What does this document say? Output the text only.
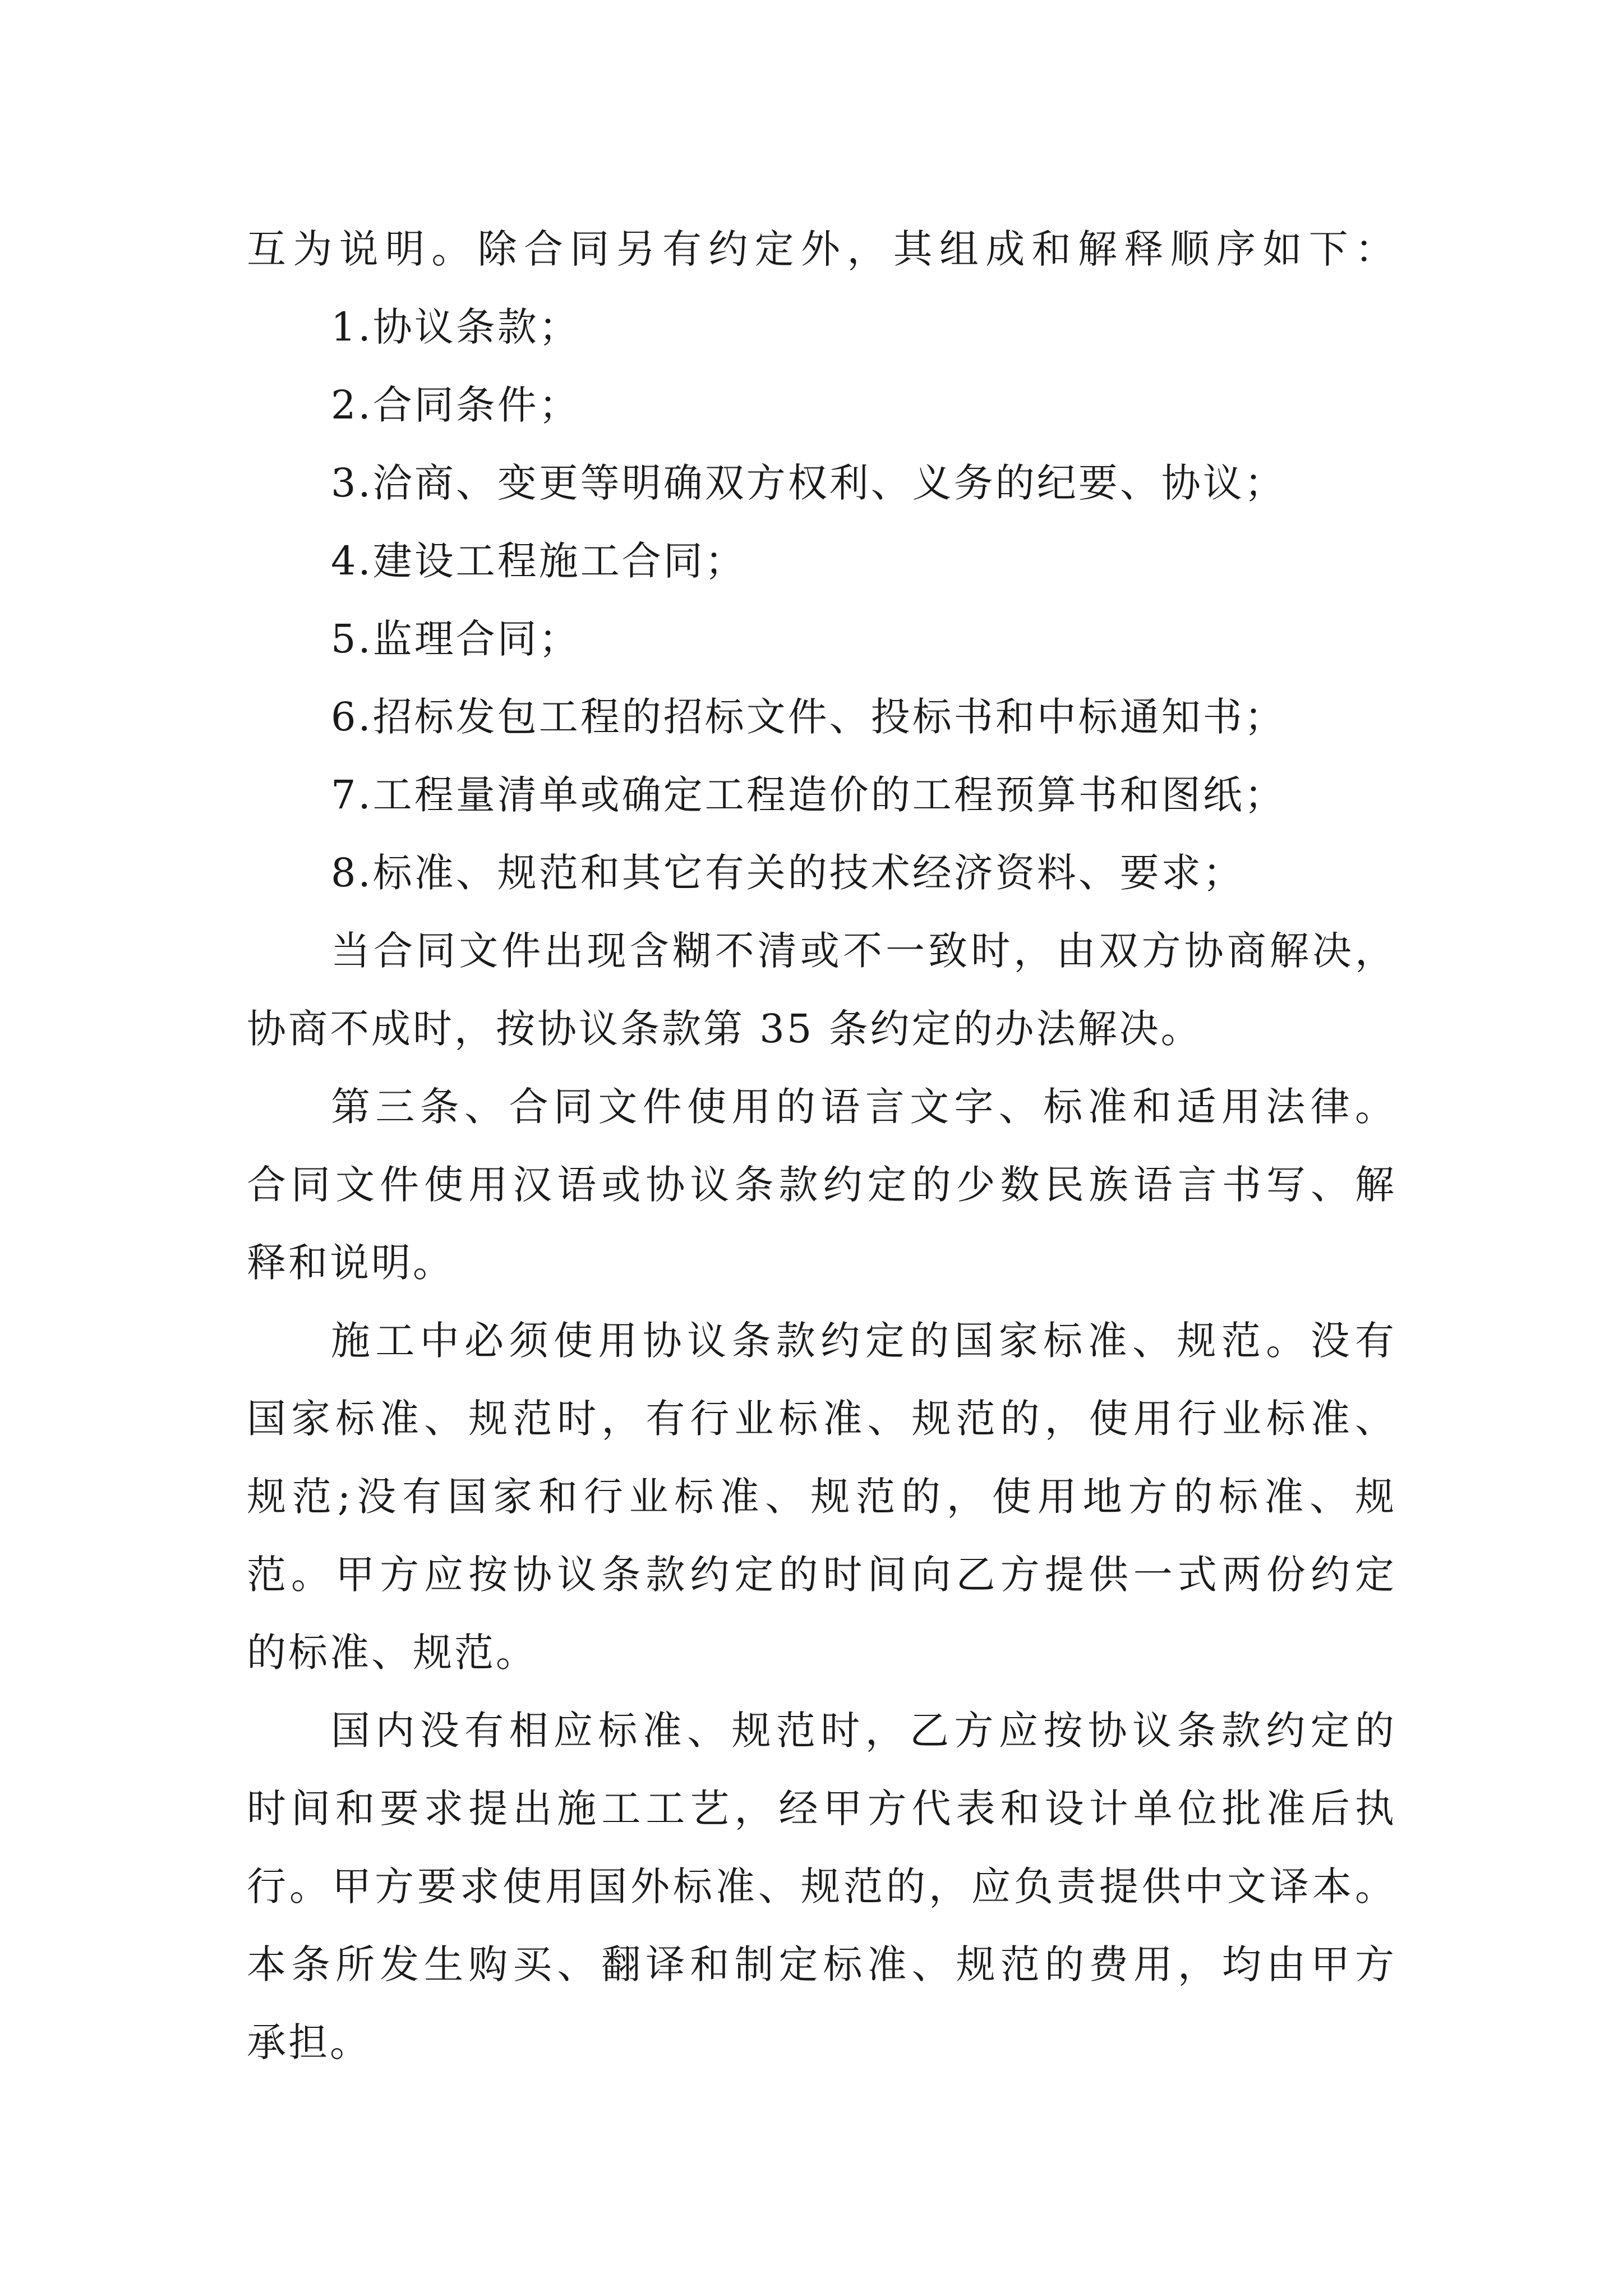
互为说明。除合同另有约定外，其组成和解释顺序如下：
1.协议条款；
2.合同条件；
3.洽商、变更等明确双方权利、义务的纪要、协议；
4.建设工程施工合同；
5.监理合同；
6.招标发包工程的招标文件、投标书和中标通知书；
7.工程量清单或确定工程造价的工程预算书和图纸；
8.标准、规范和其它有关的技术经济资料、要求；
当合同文件出现含糊不清或不一致时，由双方协商解决，
协商不成时，按协议条款第 35 条约定的办法解决。
第三条、合同文件使用的语言文字、标准和适用法律。
合同文件使用汉语或协议条款约定的少数民族语言书写、解
释和说明。
施工中必须使用协议条款约定的国家标准、规范。没有
国家标准、规范时，有行业标准、规范的，使用行业标准、
规范;没有国家和行业标准、规范的，使用地方的标准、规
范。甲方应按协议条款约定的时间向乙方提供一式两份约定
的标准、规范。
国内没有相应标准、规范时，乙方应按协议条款约定的
时间和要求提出施工工艺，经甲方代表和设计单位批准后执
行。甲方要求使用国外标准、规范的，应负责提供中文译本。
本条所发生购买、翻译和制定标准、规范的费用，均由甲方
承担。
